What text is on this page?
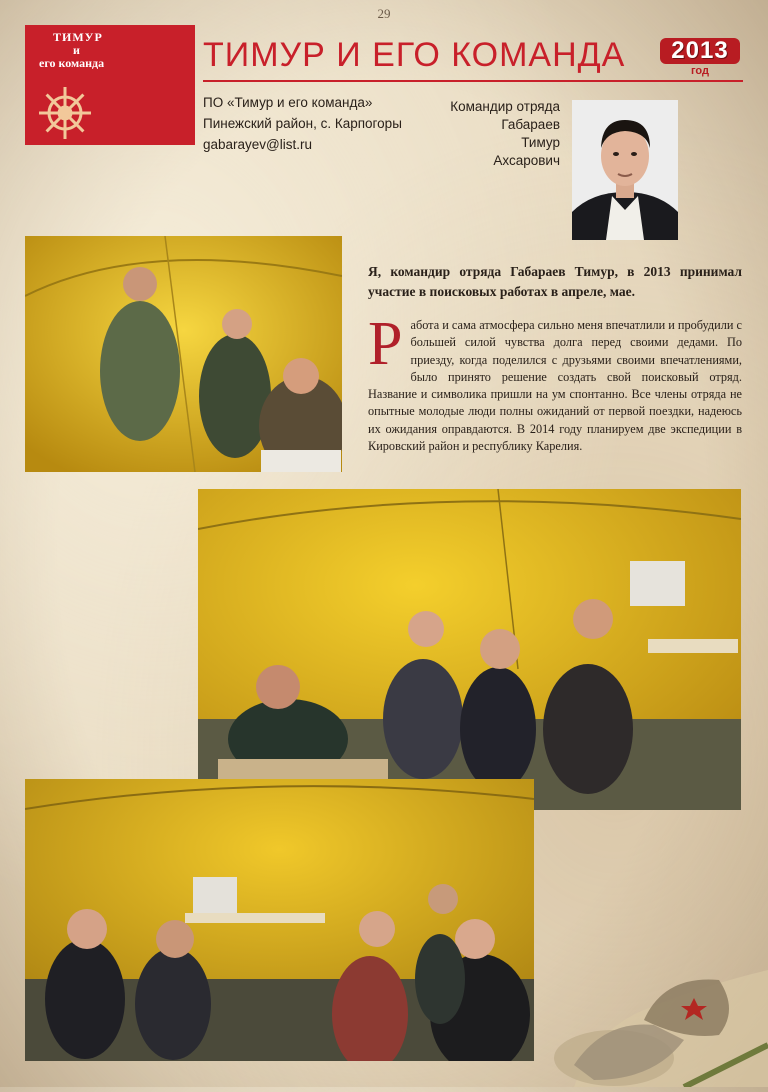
29
ТИМУР
и
его команда	ТИМУР И ЕГО КОМАНДА	2013
год
ПО «Тимур и его команда»
Пинежский район, с. Карпогоры
gabarayev@list.ru
Командир отряда
Габараев
Тимур
Ахсарович
Я, командир отряда Габараев Тимур, в 2013 принимал участие в поисковых работах в апреле, мае.
Работа и сама атмосфера сильно меня впечатлили и пробудили с большей силой чувства долга перед своими дедами. По приезду, когда поделился с друзьями своими впечатлениями, было принято решение создать свой поисковый отряд. Название и символика пришли на ум спонтанно. Все члены отряда не опытные молодые люди полны ожиданий от первой поездки, надеюсь их ожидания оправдаются. В 2014 году планируем две экспедиции в Кировский район и республику Карелия.
